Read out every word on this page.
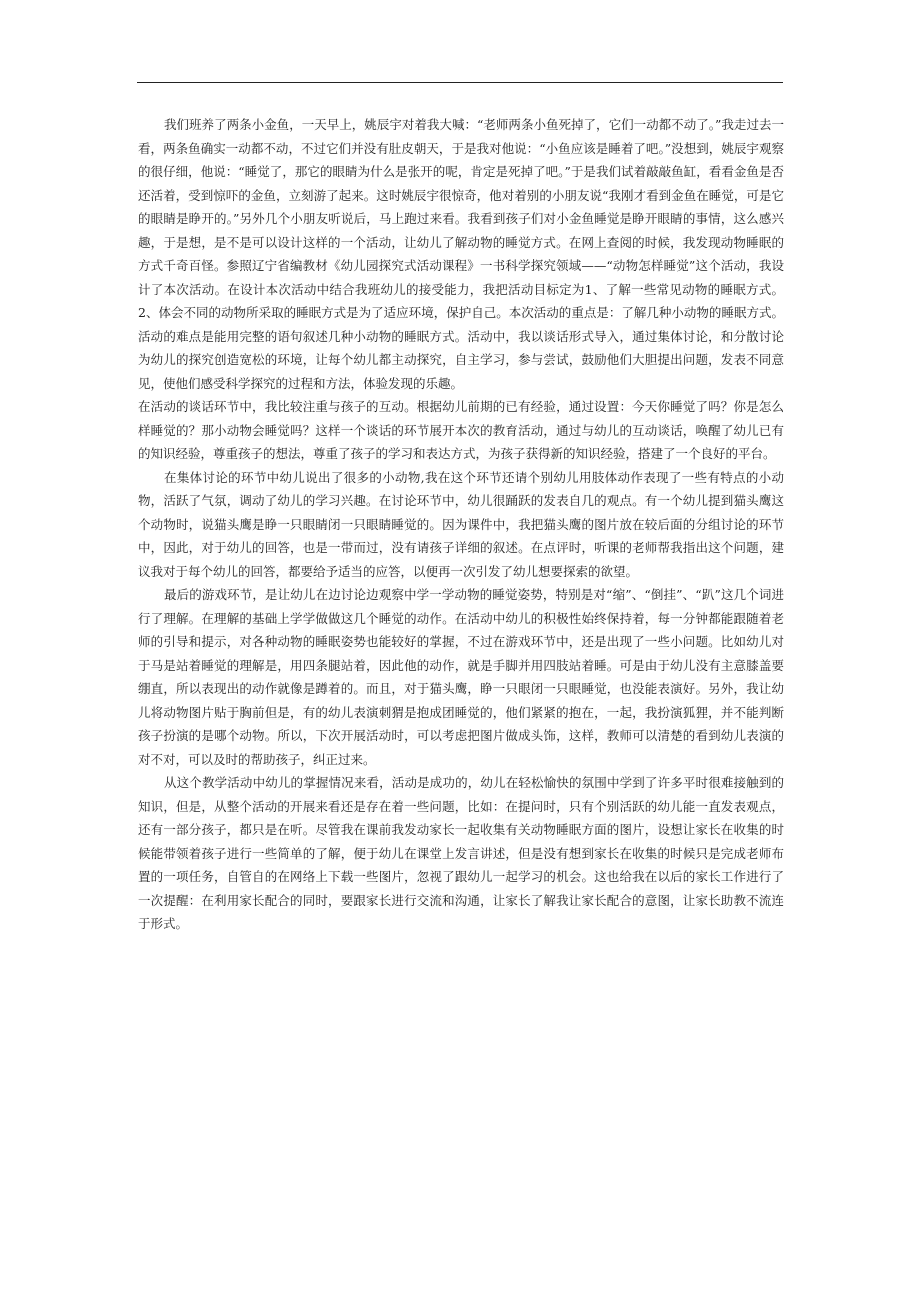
我们班养了两条小金鱼，一天早上，姚辰宇对着我大喊：“老师两条小鱼死掉了，它们一动都不动了。”我走过去一看，两条鱼确实一动都不动，不过它们并没有肚皮朝天，于是我对他说：“小鱼应该是睡着了吧。”没想到，姚辰宇观察的很仔细，他说：“睡觉了，那它的眼睛为什么是张开的呢，肯定是死掉了吧。”于是我们试着敲敲鱼缸，看看金鱼是否还活着，受到惊吓的金鱼，立刻游了起来。这时姚辰宇很惊奇，他对着别的小朋友说“我刚才看到金鱼在睡觉，可是它的眼睛是睁开的。”另外几个小朋友听说后，马上跑过来看。我看到孩子们对小金鱼睡觉是睁开眼睛的事情，这么感兴趣，于是想，是不是可以设计这样的一个活动，让幼儿了解动物的睡觉方式。在网上查阅的时候，我发现动物睡眠的方式千奇百怪。参照辽宁省编教材《幼儿园探究式活动课程》一书科学探究领域——“动物怎样睡觉”这个活动，我设计了本次活动。在设计本次活动中结合我班幼儿的接受能力，我把活动目标定为1、了解一些常见动物的睡眠方式。2、体会不同的动物所采取的睡眠方式是为了适应环境，保护自己。本次活动的重点是：了解几种小动物的睡眠方式。活动的难点是能用完整的语句叙述几种小动物的睡眠方式。活动中，我以谈话形式导入，通过集体讨论，和分散讨论为幼儿的探究创造宽松的环境，让每个幼儿都主动探究，自主学习，参与尝试，鼓励他们大胆提出问题，发表不同意见，使他们感受科学探究的过程和方法，体验发现的乐趣。

在活动的谈话环节中，我比较注重与孩子的互动。根据幼儿前期的已有经验，通过设置：今天你睡觉了吗？你是怎么样睡觉的？那小动物会睡觉吗？这样一个谈话的环节展开本次的教育活动，通过与幼儿的互动谈话，唤醒了幼儿已有的知识经验，尊重孩子的想法，尊重了孩子的学习和表达方式，为孩子获得新的知识经验，搭建了一个良好的平台。

在集体讨论的环节中幼儿说出了很多的小动物,我在这个环节还请个别幼儿用肢体动作表现了一些有特点的小动物，活跃了气氛，调动了幼儿的学习兴趣。在讨论环节中，幼儿很踊跃的发表自几的观点。有一个幼儿提到猫头鹰这个动物时，说猫头鹰是睁一只眼睛闭一只眼睛睡觉的。因为课件中，我把猫头鹰的图片放在较后面的分组讨论的环节中，因此，对于幼儿的回答，也是一带而过，没有请孩子详细的叙述。在点评时，听课的老师帮我指出这个问题，建议我对于每个幼儿的回答，都要给予适当的应答，以便再一次引发了幼儿想要探索的欲望。

最后的游戏环节，是让幼儿在边讨论边观察中学一学动物的睡觉姿势，特别是对“缩”、“倒挂”、“趴”这几个词进行了理解。在理解的基础上学学做做这几个睡觉的动作。在活动中幼儿的积极性始终保持着，每一分钟都能跟随着老师的引导和提示，对各种动物的睡眠姿势也能较好的掌握，不过在游戏环节中，还是出现了一些小问题。比如幼儿对于马是站着睡觉的理解是，用四条腿站着，因此他的动作，就是手脚并用四肢站着睡。可是由于幼儿没有主意膝盖要绷直，所以表现出的动作就像是蹲着的。而且，对于猫头鹰，睁一只眼闭一只眼睡觉，也没能表演好。另外，我让幼儿将动物图片贴于胸前但是，有的幼儿表演刺猬是抱成团睡觉的，他们紧紧的抱在，一起，我扮演狐狸，并不能判断孩子扮演的是哪个动物。所以，下次开展活动时，可以考虑把图片做成头饰，这样，教师可以清楚的看到幼儿表演的对不对，可以及时的帮助孩子，纠正过来。

从这个教学活动中幼儿的掌握情况来看，活动是成功的，幼儿在轻松愉快的氛围中学到了许多平时很难接触到的知识，但是，从整个活动的开展来看还是存在着一些问题，比如：在提问时，只有个别活跃的幼儿能一直发表观点，还有一部分孩子，都只是在听。尽管我在课前我发动家长一起收集有关动物睡眠方面的图片，设想让家长在收集的时候能带领着孩子进行一些简单的了解，便于幼儿在课堂上发言讲述，但是没有想到家长在收集的时候只是完成老师布置的一项任务，自管自的在网络上下载一些图片，忽视了跟幼儿一起学习的机会。这也给我在以后的家长工作进行了一次提醒：在利用家长配合的同时，要跟家长进行交流和沟通，让家长了解我让家长配合的意图，让家长助教不流连于形式。
